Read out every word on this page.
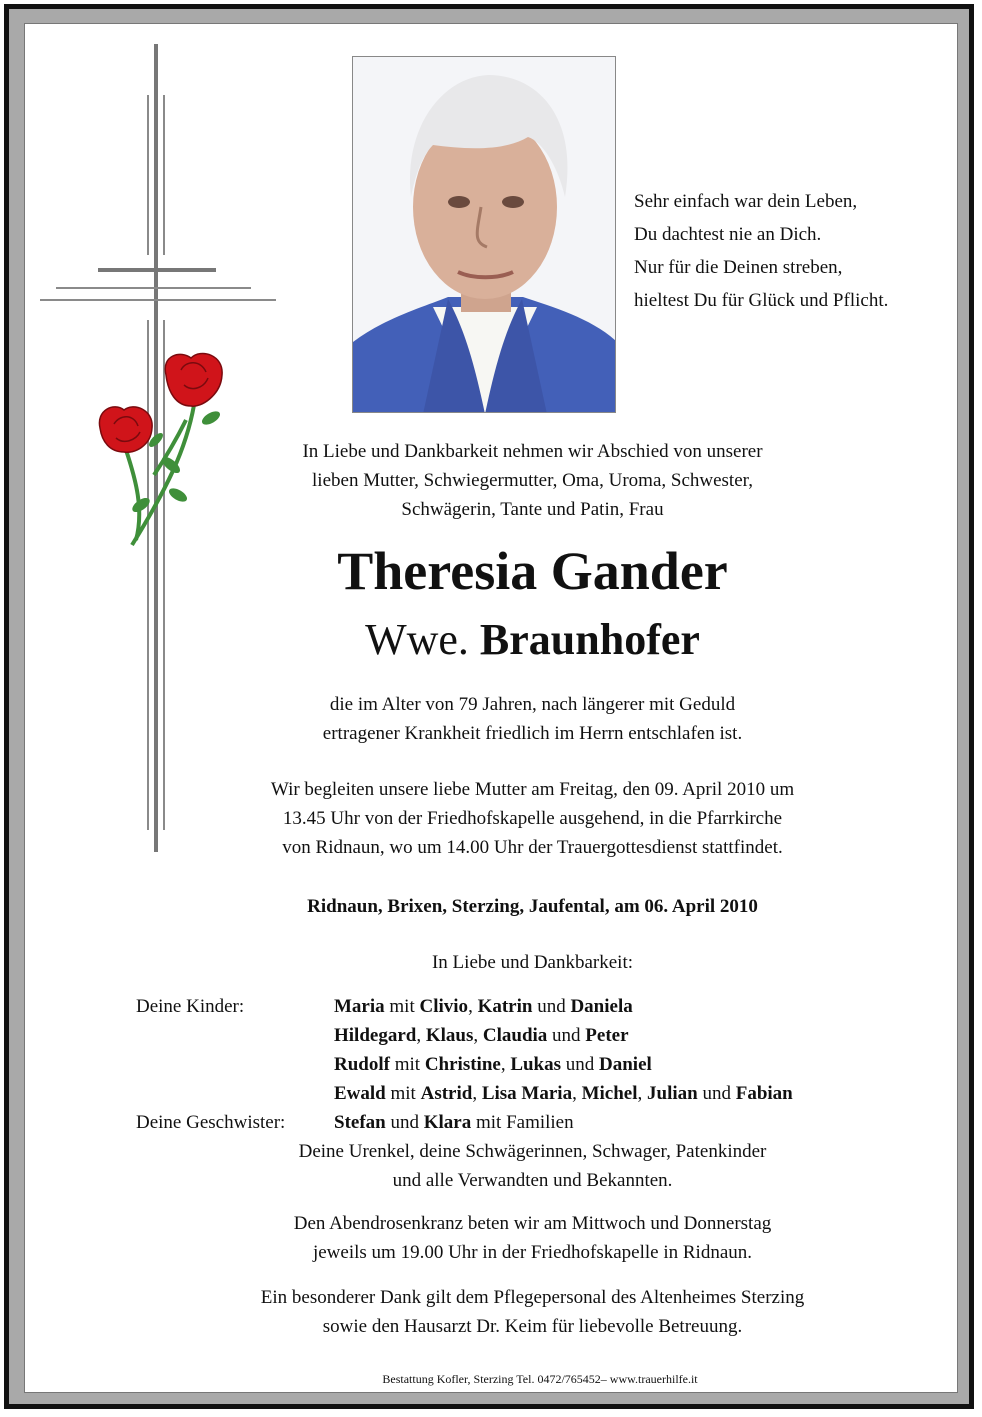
Sehr einfach war dein Leben,
Du dachtest nie an Dich.
Nur für die Deinen streben,
hieltest Du für Glück und Pflicht.

In Liebe und Dankbarkeit nehmen wir Abschied von unserer

lieben Mutter, Schwiegermutter, Oma, Uroma, Schwester,

Schwägerin, Tante und Patin, Frau

Theresia Gander
Wwe. Braunhofer

die im Alter von 79 Jahren, nach längerer mit Geduld

ertragener Krankheit friedlich im Herrn entschlafen ist.

Wir begleiten unsere liebe Mutter am Freitag, den 09. April 2010 um

13.45 Uhr von der Friedhofskapelle ausgehend, in die Pfarrkirche

von Ridnaun, wo um 14.00 Uhr der Trauergottesdienst stattfindet.

Ridnaun, Brixen, Sterzing, Jaufental, am 06. April 2010

In Liebe und Dankbarkeit:

Deine Kinder:	Maria mit Clivio, Katrin und Daniela
Hildegard, Klaus, Claudia und Peter
Rudolf mit Christine, Lukas und Daniel
Ewald mit Astrid, Lisa Maria, Michel, Julian und Fabian
Deine Geschwister:	Stefan und Klara mit Familien

Deine Urenkel, deine Schwägerinnen, Schwager, Patenkinder

und alle Verwandten und Bekannten.

Den Abendrosenkranz beten wir am Mittwoch und Donnerstag

jeweils um 19.00 Uhr in der Friedhofskapelle in Ridnaun.

Ein besonderer Dank gilt dem Pflegepersonal des Altenheimes Sterzing

sowie den Hausarzt Dr. Keim für liebevolle Betreuung.

Bestattung Kofler, Sterzing Tel. 0472/765452– www.trauerhilfe.it
